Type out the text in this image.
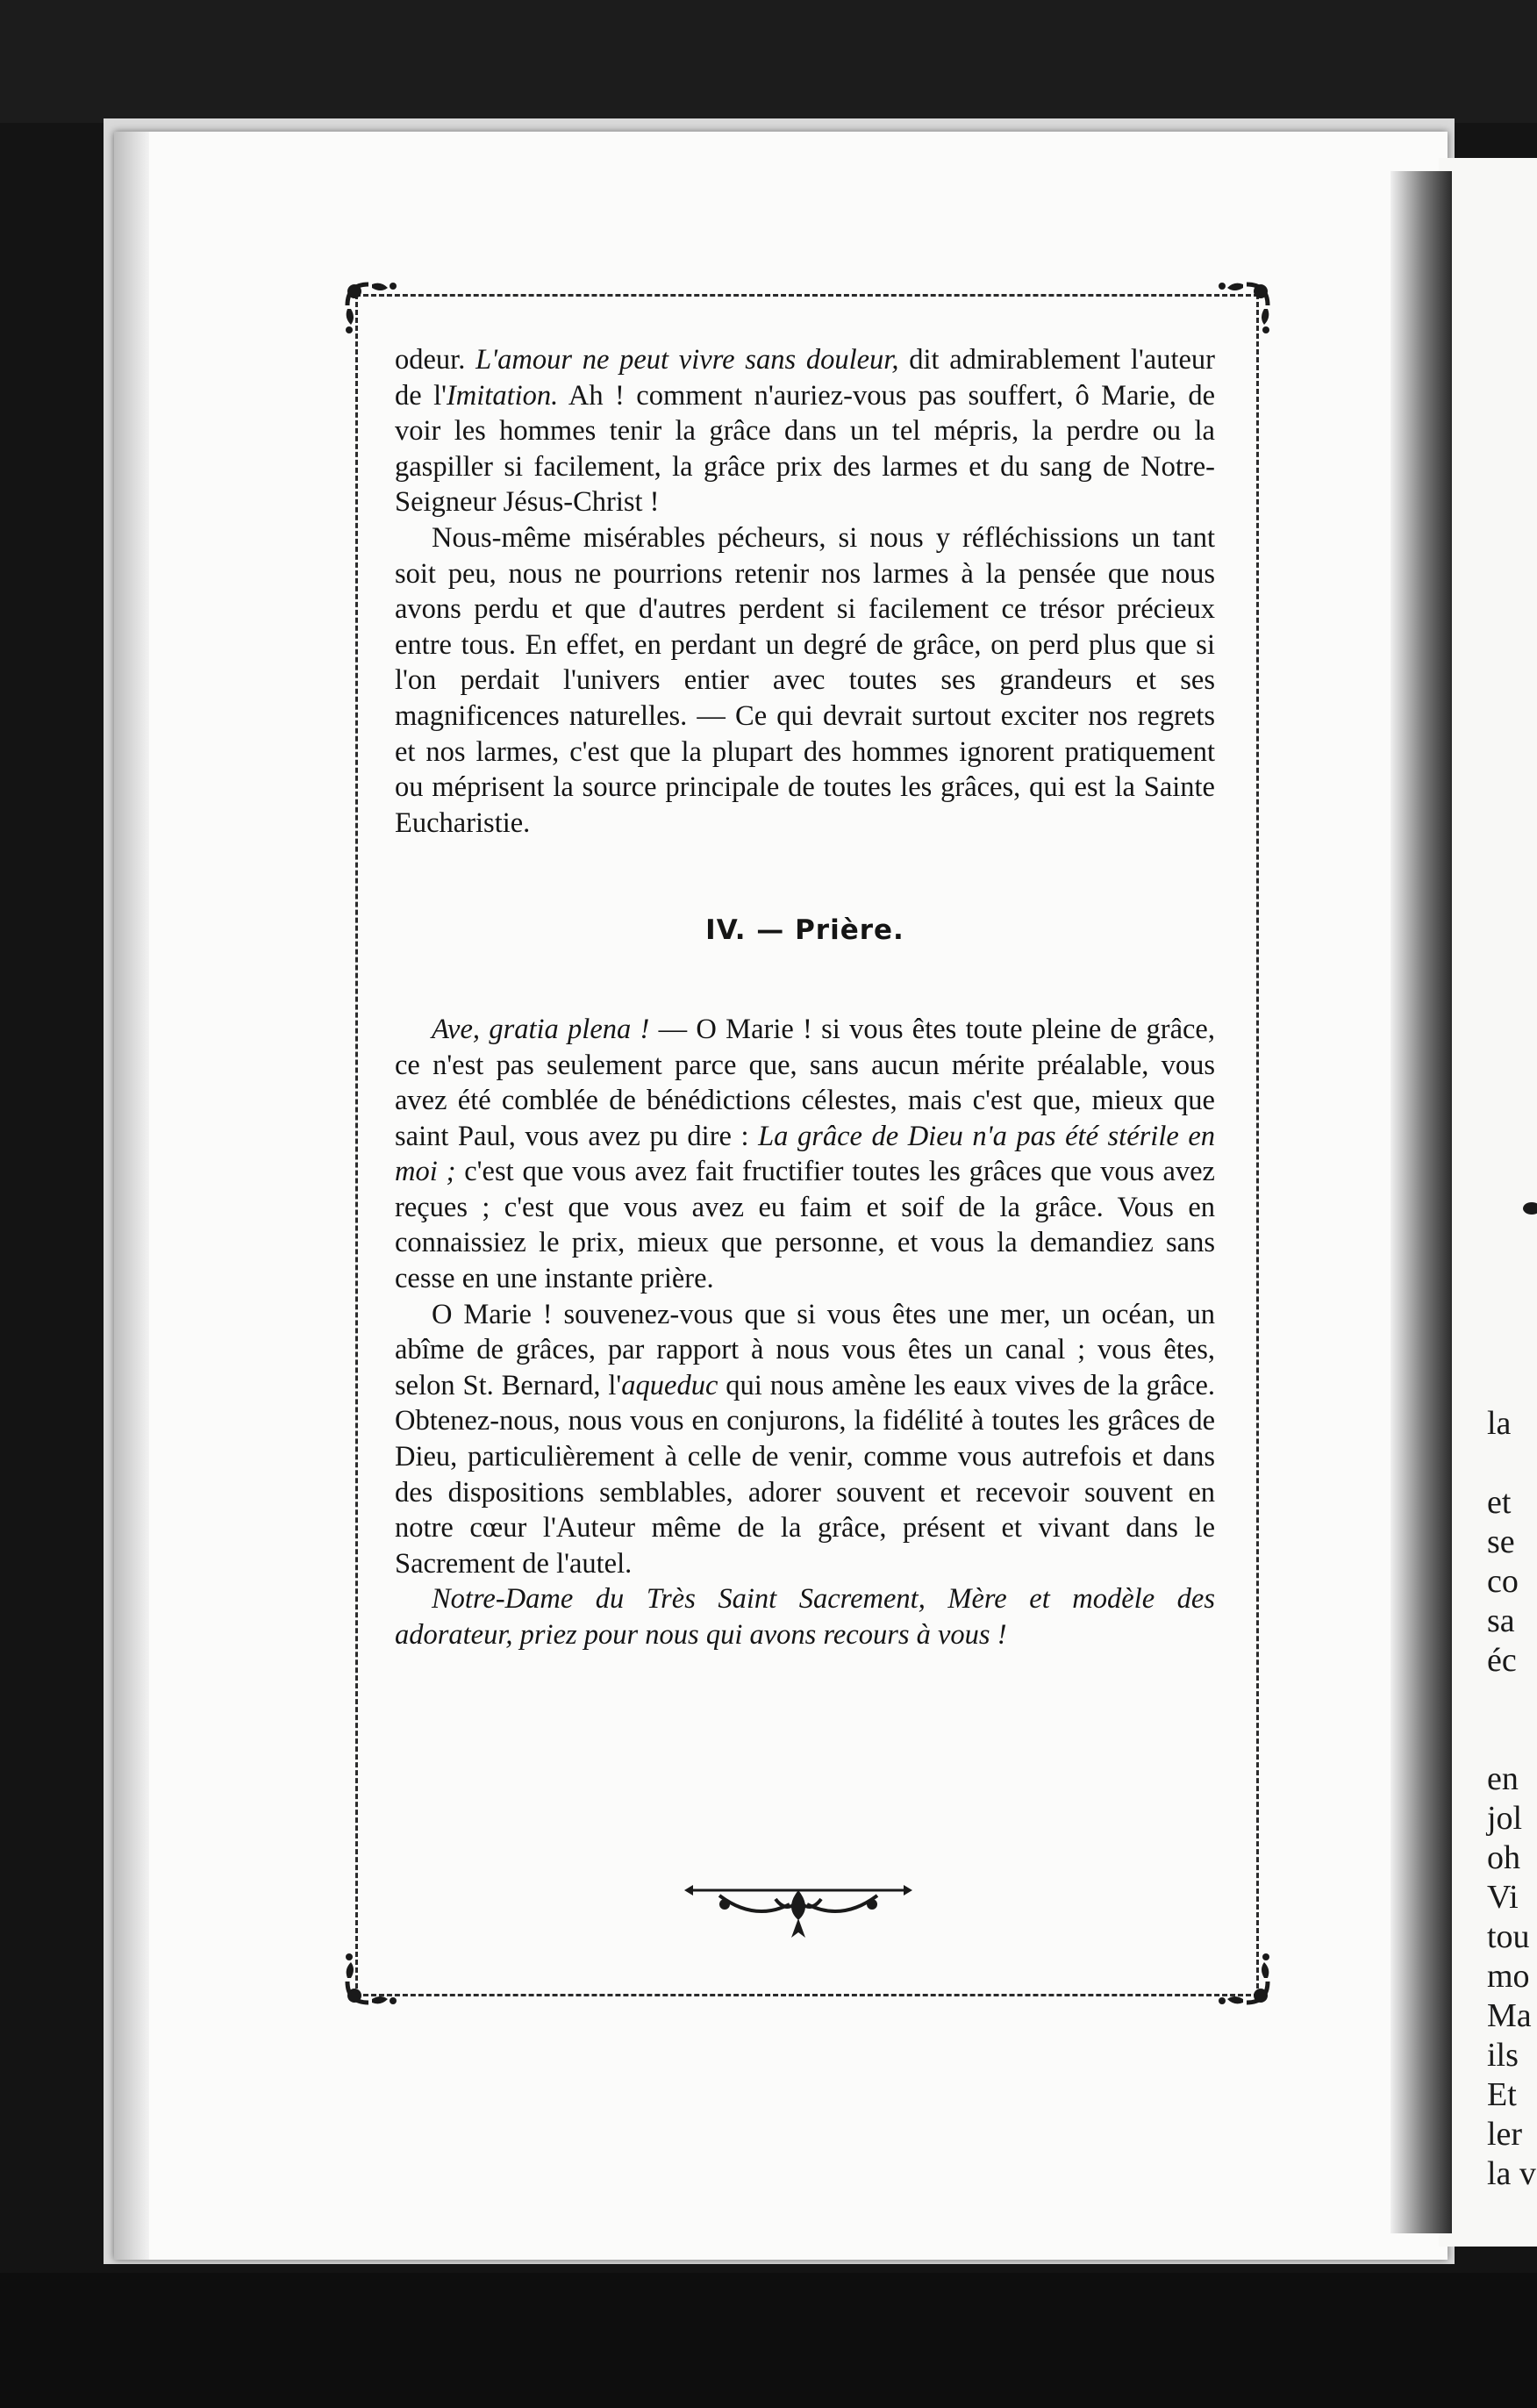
la
et
se
co
sa
éc
en
jol
oh
Vi
tou
mo
Ma
ils
Et
ler
la v

odeur. L'amour ne peut vivre sans douleur, dit admirablement l'auteur de l'Imitation. Ah ! comment n'auriez-vous pas souffert, ô Marie, de voir les hommes tenir la grâce dans un tel mépris, la perdre ou la gaspiller si facilement, la grâce prix des larmes et du sang de Notre-Seigneur Jésus-Christ !

Nous-même misérables pécheurs, si nous y réfléchissions un tant soit peu, nous ne pourrions retenir nos larmes à la pensée que nous avons perdu et que d'autres perdent si facilement ce trésor précieux entre tous. En effet, en perdant un degré de grâce, on perd plus que si l'on perdait l'univers entier avec toutes ses grandeurs et ses magnificences naturelles. — Ce qui devrait surtout exciter nos regrets et nos larmes, c'est que la plupart des hommes ignorent pratiquement ou méprisent la source principale de toutes les grâces, qui est la Sainte Eucharistie.

IV. — Prière.

Ave, gratia plena ! — O Marie ! si vous êtes toute pleine de grâce, ce n'est pas seulement parce que, sans aucun mérite préalable, vous avez été comblée de bénédictions célestes, mais c'est que, mieux que saint Paul, vous avez pu dire : La grâce de Dieu n'a pas été stérile en moi ; c'est que vous avez fait fructifier toutes les grâces que vous avez reçues ; c'est que vous avez eu faim et soif de la grâce. Vous en connaissiez le prix, mieux que personne, et vous la demandiez sans cesse en une instante prière.

O Marie ! souvenez-vous que si vous êtes une mer, un océan, un abîme de grâces, par rapport à nous vous êtes un canal ; vous êtes, selon St. Bernard, l'aqueduc qui nous amène les eaux vives de la grâce. Obtenez-nous, nous vous en conjurons, la fidélité à toutes les grâces de Dieu, particulièrement à celle de venir, comme vous autrefois et dans des dispositions semblables, adorer souvent et recevoir souvent en notre cœur l'Auteur même de la grâce, présent et vivant dans le Sacrement de l'autel.

Notre-Dame du Très Saint Sacrement, Mère et modèle des adorateur, priez pour nous qui avons recours à vous !
